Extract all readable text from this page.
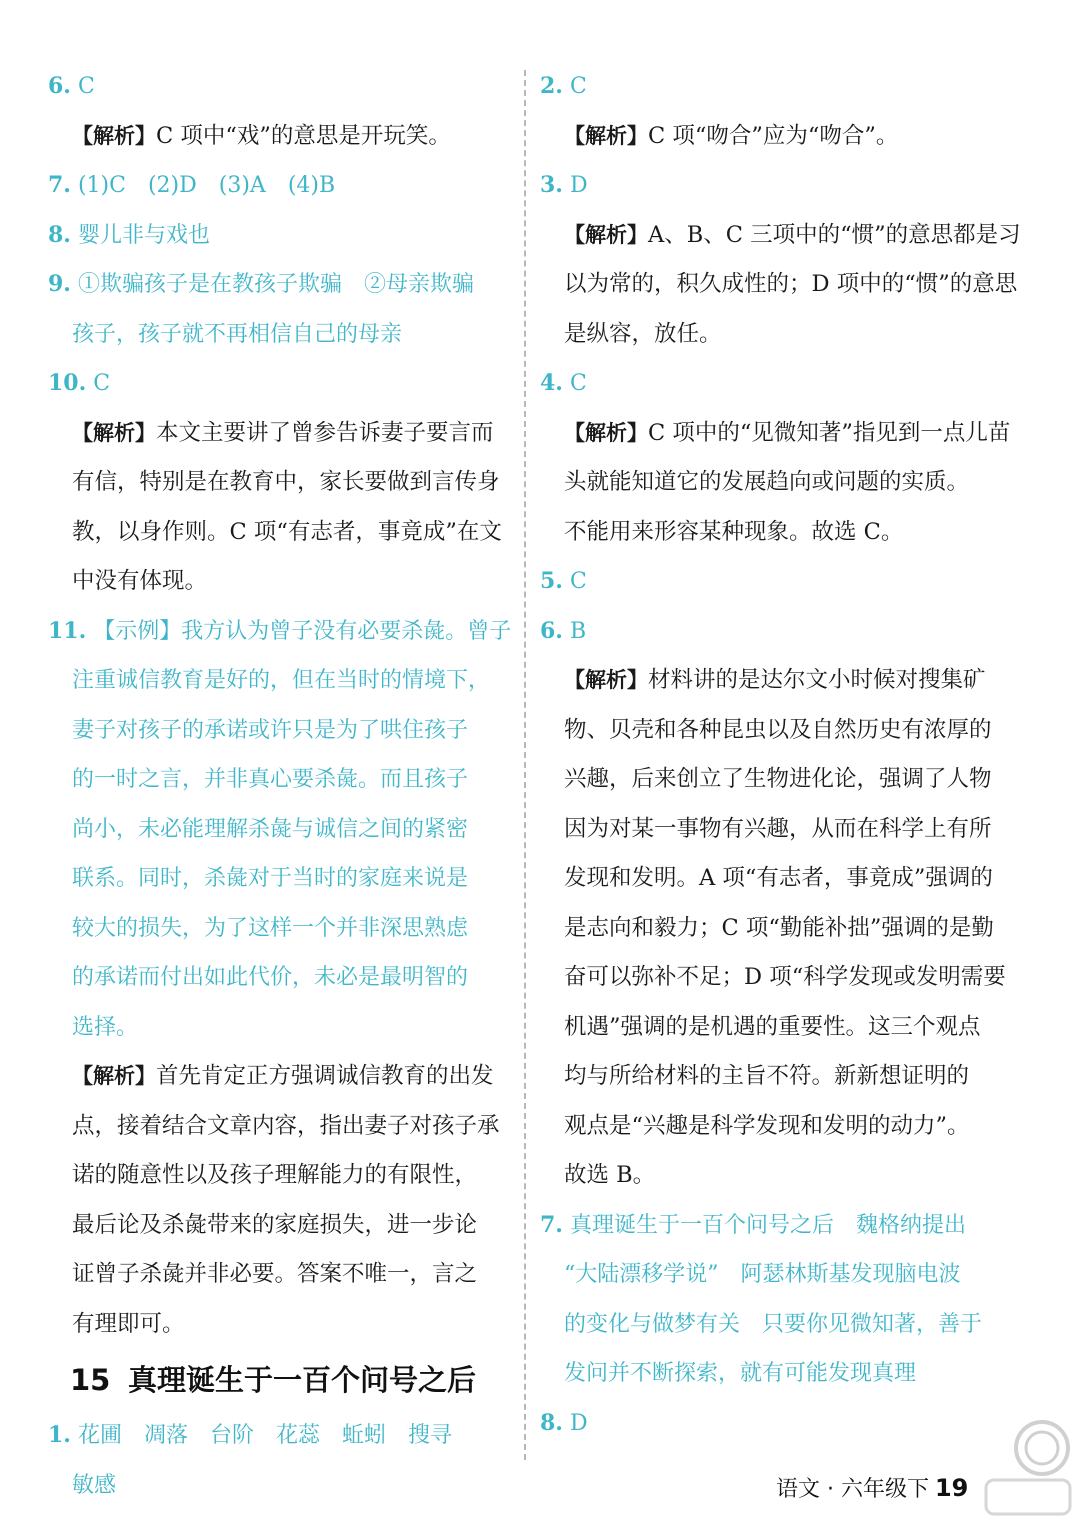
6. C
【解析】C 项中“戏”的意思是开玩笑。
7. (1)C　(2)D　(3)A　(4)B
8. 婴儿非与戏也
9. ①欺骗孩子是在教孩子欺骗　②母亲欺骗
孩子，孩子就不再相信自己的母亲
10. C
【解析】本文主要讲了曾参告诉妻子要言而
有信，特别是在教育中，家长要做到言传身
教，以身作则。C 项“有志者，事竟成”在文
中没有体现。
11. 【示例】我方认为曾子没有必要杀彘。曾子
注重诚信教育是好的，但在当时的情境下，
妻子对孩子的承诺或许只是为了哄住孩子
的一时之言，并非真心要杀彘。而且孩子
尚小，未必能理解杀彘与诚信之间的紧密
联系。同时，杀彘对于当时的家庭来说是
较大的损失，为了这样一个并非深思熟虑
的承诺而付出如此代价，未必是最明智的
选择。
【解析】首先肯定正方强调诚信教育的出发
点，接着结合文章内容，指出妻子对孩子承
诺的随意性以及孩子理解能力的有限性，
最后论及杀彘带来的家庭损失，进一步论
证曾子杀彘并非必要。答案不唯一，言之
有理即可。
15 真理诞生于一百个问号之后
1. 花圃　凋落　台阶　花蕊　蚯蚓　搜寻
敏感
2. C
【解析】C 项“吻合”应为“吻合”。
3. D
【解析】A、B、C 三项中的“惯”的意思都是习
以为常的，积久成性的；D 项中的“惯”的意思
是纵容，放任。
4. C
【解析】C 项中的“见微知著”指见到一点儿苗
头就能知道它的发展趋向或问题的实质。
不能用来形容某种现象。故选 C。
5. C
6. B
【解析】材料讲的是达尔文小时候对搜集矿
物、贝壳和各种昆虫以及自然历史有浓厚的
兴趣，后来创立了生物进化论，强调了人物
因为对某一事物有兴趣，从而在科学上有所
发现和发明。A 项“有志者，事竟成”强调的
是志向和毅力；C 项“勤能补拙”强调的是勤
奋可以弥补不足；D 项“科学发现或发明需要
机遇”强调的是机遇的重要性。这三个观点
均与所给材料的主旨不符。新新想证明的
观点是“兴趣是科学发现和发明的动力”。
故选 B。
7. 真理诞生于一百个问号之后　魏格纳提出
“大陆漂移学说”　阿瑟林斯基发现脑电波
的变化与做梦有关　只要你见微知著，善于
发问并不断探索，就有可能发现真理
8. D
语文 · 六年级下 19
